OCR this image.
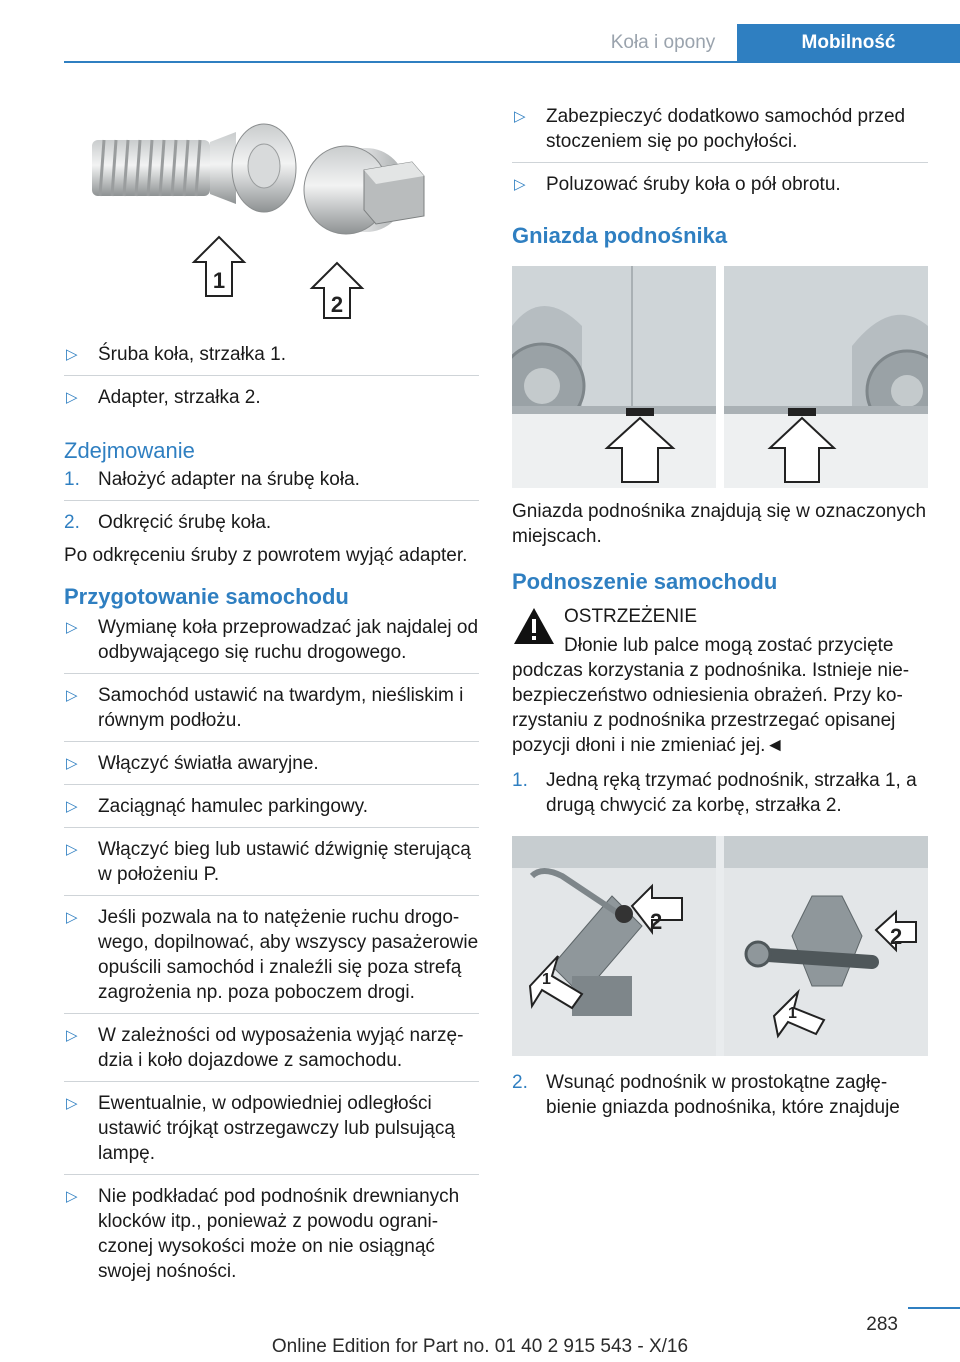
Koła i opony	Mobilność
1
2
▷ Śruba koła, strzałka 1.
▷ Adapter, strzałka 2.
Zdejmowanie
1. Nałożyć adapter na śrubę koła.
2. Odkręcić śrubę koła.

Po odkręceniu śruby z powrotem wyjąć adapter.

Przygotowanie samochodu
▷ Wymianę koła przeprowadzać jak najdalej od odbywającego się ruchu drogowego.
▷ Samochód ustawić na twardym, nieśliskim i równym podłożu.
▷ Włączyć światła awaryjne.
▷ Zaciągnąć hamulec parkingowy.
▷ Włączyć bieg lub ustawić dźwignię sterującą w położeniu P.
▷ Jeśli pozwala na to natężenie ruchu drogowego, dopilnować, aby wszyscy pasażerowie opuścili samochód i znaleźli się poza strefą zagrożenia np. poza poboczem drogi.
▷ W zależności od wyposażenia wyjąć narzędzia i koło dojazdowe z samochodu.
▷ Ewentualnie, w odpowiedniej odległości ustawić trójkąt ostrzegawczy lub pulsującą lampę.
▷ Nie podkładać pod podnośnik drewnianych klocków itp., ponieważ z powodu ograniczonej wysokości może on nie osiągnąć swojej nośności.
▷ Zabezpieczyć dodatkowo samochód przed stoczeniem się po pochyłości.
▷ Poluzować śruby koła o pół obrotu.
Gniazda podnośnika

Gniazda podnośnika znajdują się w oznaczonych miejscach.

Podnoszenie samochodu

OSTRZEŻENIE

Dłonie lub palce mogą zostać przycięte podczas korzystania z podnośnika. Istnieje niebezpieczeństwo odniesienia obrażeń. Przy korzystaniu z podnośnika przestrzegać opisanej pozycji dłoni i nie zmieniać jej.◄

1. Jedną ręką trzymać podnośnik, strzałka 1, a drugą chwycić za korbę, strzałka 2.
2
1
2
1
2. Wsunąć podnośnik w prostokątne zagłębienie gniazda podnośnika, które znajduje
283
Online Edition for Part no. 01 40 2 915 543 - X/16
